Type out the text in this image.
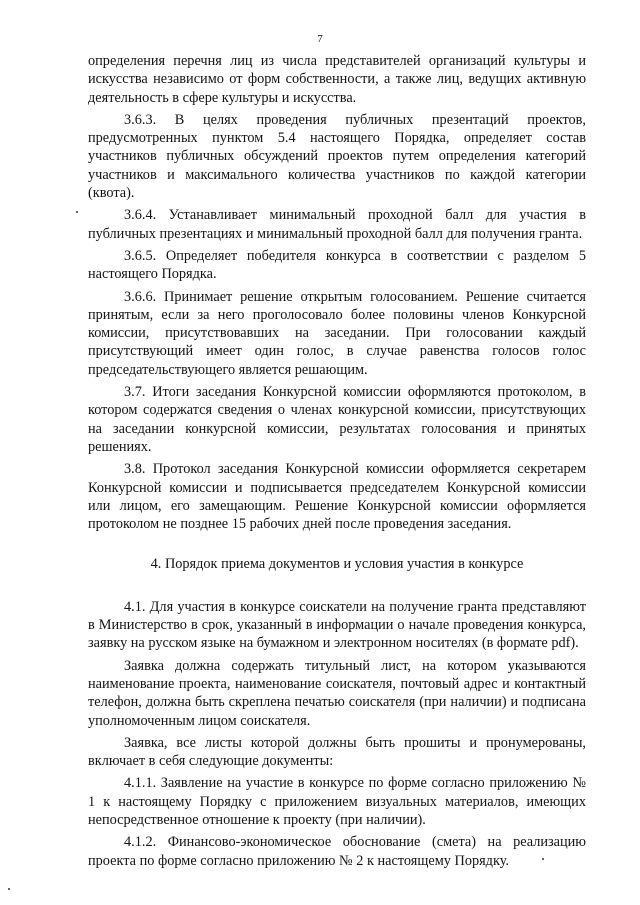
7

определения перечня лиц из числа представителей организаций культуры и искусства независимо от форм собственности, а также лиц, ведущих активную деятельность в сфере культуры и искусства.

3.6.3. В целях проведения публичных презентаций проектов, предусмотренных пунктом 5.4 настоящего Порядка, определяет состав участников публичных обсуждений проектов путем определения категорий участников и максимального количества участников по каждой категории (квота).

3.6.4. Устанавливает минимальный проходной балл для участия в публичных презентациях и минимальный проходной балл для получения гранта.

3.6.5. Определяет победителя конкурса в соответствии с разделом 5 настоящего Порядка.

3.6.6. Принимает решение открытым голосованием. Решение считается принятым, если за него проголосовало более половины членов Конкурсной комиссии, присутствовавших на заседании. При голосовании каждый присутствующий имеет один голос, в случае равенства голосов голос председательствующего является решающим.

3.7. Итоги заседания Конкурсной комиссии оформляются протоколом, в котором содержатся сведения о членах конкурсной комиссии, присутствующих на заседании конкурсной комиссии, результатах голосования и принятых решениях.

3.8. Протокол заседания Конкурсной комиссии оформляется секретарем Конкурсной комиссии и подписывается председателем Конкурсной комиссии или лицом, его замещающим. Решение Конкурсной комиссии оформляется протоколом не позднее 15 рабочих дней после проведения заседания.

4. Порядок приема документов и условия участия в конкурсе

4.1. Для участия в конкурсе соискатели на получение гранта представляют в Министерство в срок, указанный в информации о начале проведения конкурса, заявку на русском языке на бумажном и электронном носителях (в формате pdf).

Заявка должна содержать титульный лист, на котором указываются наименование проекта, наименование соискателя, почтовый адрес и контактный телефон, должна быть скреплена печатью соискателя (при наличии) и подписана уполномоченным лицом соискателя.

Заявка, все листы которой должны быть прошиты и пронумерованы, включает в себя следующие документы:

4.1.1. Заявление на участие в конкурсе по форме согласно приложению № 1 к настоящему Порядку с приложением визуальных материалов, имеющих непосредственное отношение к проекту (при наличии).

4.1.2. Финансово-экономическое обоснование (смета) на реализацию проекта по форме согласно приложению № 2 к настоящему Порядку.
